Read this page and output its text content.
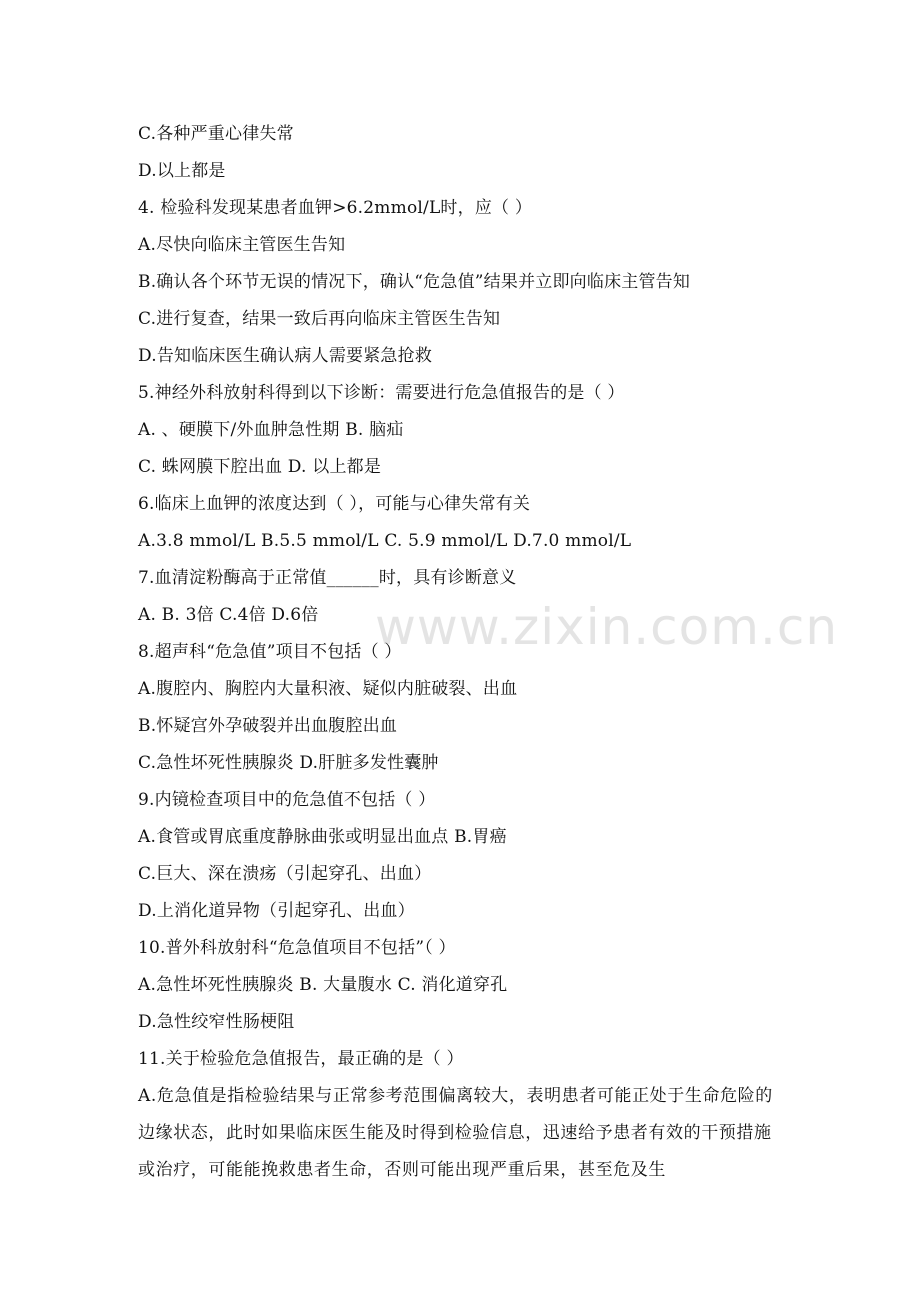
www.zixin.com.cn
C.各种严重心律失常
D.以上都是
4. 检验科发现某患者血钾>6.2mmol/L时，应（ ）
A.尽快向临床主管医生告知
B.确认各个环节无误的情况下，确认“危急值”结果并立即向临床主管告知
C.进行复查，结果一致后再向临床主管医生告知
D.告知临床医生确认病人需要紧急抢救
5.神经外科放射科得到以下诊断：需要进行危急值报告的是（ ）
A. 、硬膜下/外血肿急性期 B. 脑疝
C. 蛛网膜下腔出血 D. 以上都是
6.临床上血钾的浓度达到（ ），可能与心律失常有关
A.3.8 mmol/L B.5.5 mmol/L C. 5.9 mmol/L D.7.0 mmol/L
7.血清淀粉酶高于正常值______时，具有诊断意义
A. B. 3倍 C.4倍 D.6倍
8.超声科“危急值”项目不包括（ ）
A.腹腔内、胸腔内大量积液、疑似内脏破裂、出血
B.怀疑宫外孕破裂并出血腹腔出血
C.急性坏死性胰腺炎 D.肝脏多发性囊肿
9.内镜检查项目中的危急值不包括（ ）
A.食管或胃底重度静脉曲张或明显出血点 B.胃癌
C.巨大、深在溃疡（引起穿孔、出血）
D.上消化道异物（引起穿孔、出血）
10.普外科放射科“危急值项目不包括”（ ）
A.急性坏死性胰腺炎 B. 大量腹水 C. 消化道穿孔
D.急性绞窄性肠梗阻
11.关于检验危急值报告，最正确的是（ ）
A.危急值是指检验结果与正常参考范围偏离较大，表明患者可能正处于生命危险的边缘状态，此时如果临床医生能及时得到检验信息，迅速给予患者有效的干预措施或治疗，可能能挽救患者生命，否则可能出现严重后果，甚至危及生
